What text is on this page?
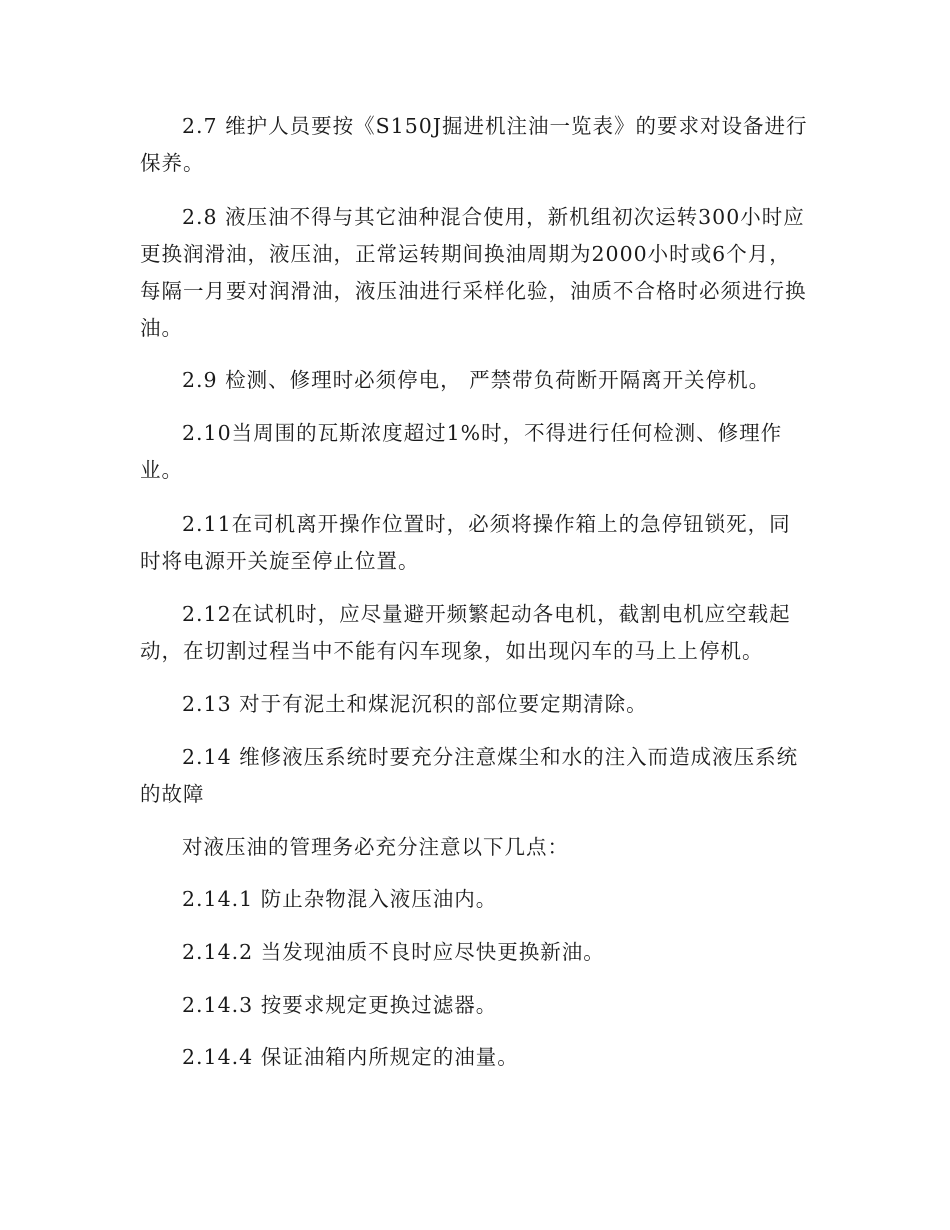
2.7 维护人员要按《S150J掘进机注油一览表》的要求对设备进行保养。

2.8 液压油不得与其它油种混合使用，新机组初次运转300小时应更换润滑油，液压油，正常运转期间换油周期为2000小时或6个月，每隔一月要对润滑油，液压油进行采样化验，油质不合格时必须进行换油。

2.9 检测、修理时必须停电， 严禁带负荷断开隔离开关停机。

2.10当周围的瓦斯浓度超过1%时，不得进行任何检测、修理作业。

2.11在司机离开操作位置时，必须将操作箱上的急停钮锁死，同时将电源开关旋至停止位置。

2.12在试机时，应尽量避开频繁起动各电机，截割电机应空载起动，在切割过程当中不能有闪车现象，如出现闪车的马上上停机。

2.13 对于有泥土和煤泥沉积的部位要定期清除。

2.14 维修液压系统时要充分注意煤尘和水的注入而造成液压系统的故障

对液压油的管理务必充分注意以下几点：

2.14.1 防止杂物混入液压油内。

2.14.2 当发现油质不良时应尽快更换新油。

2.14.3 按要求规定更换过滤器。

2.14.4 保证油箱内所规定的油量。
